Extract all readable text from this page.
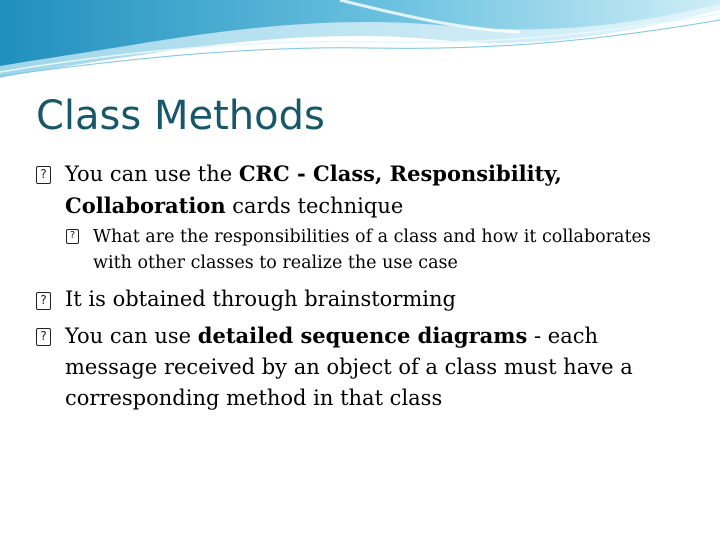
Class Methods
? You can use the CRC - Class, Responsibility, Collaboration cards technique
? What are the responsibilities of a class and how it collaborates with other classes to realize the use case
? It is obtained through brainstorming
? You can use detailed sequence diagrams - each message received by an object of a class must have a corresponding method in that class
